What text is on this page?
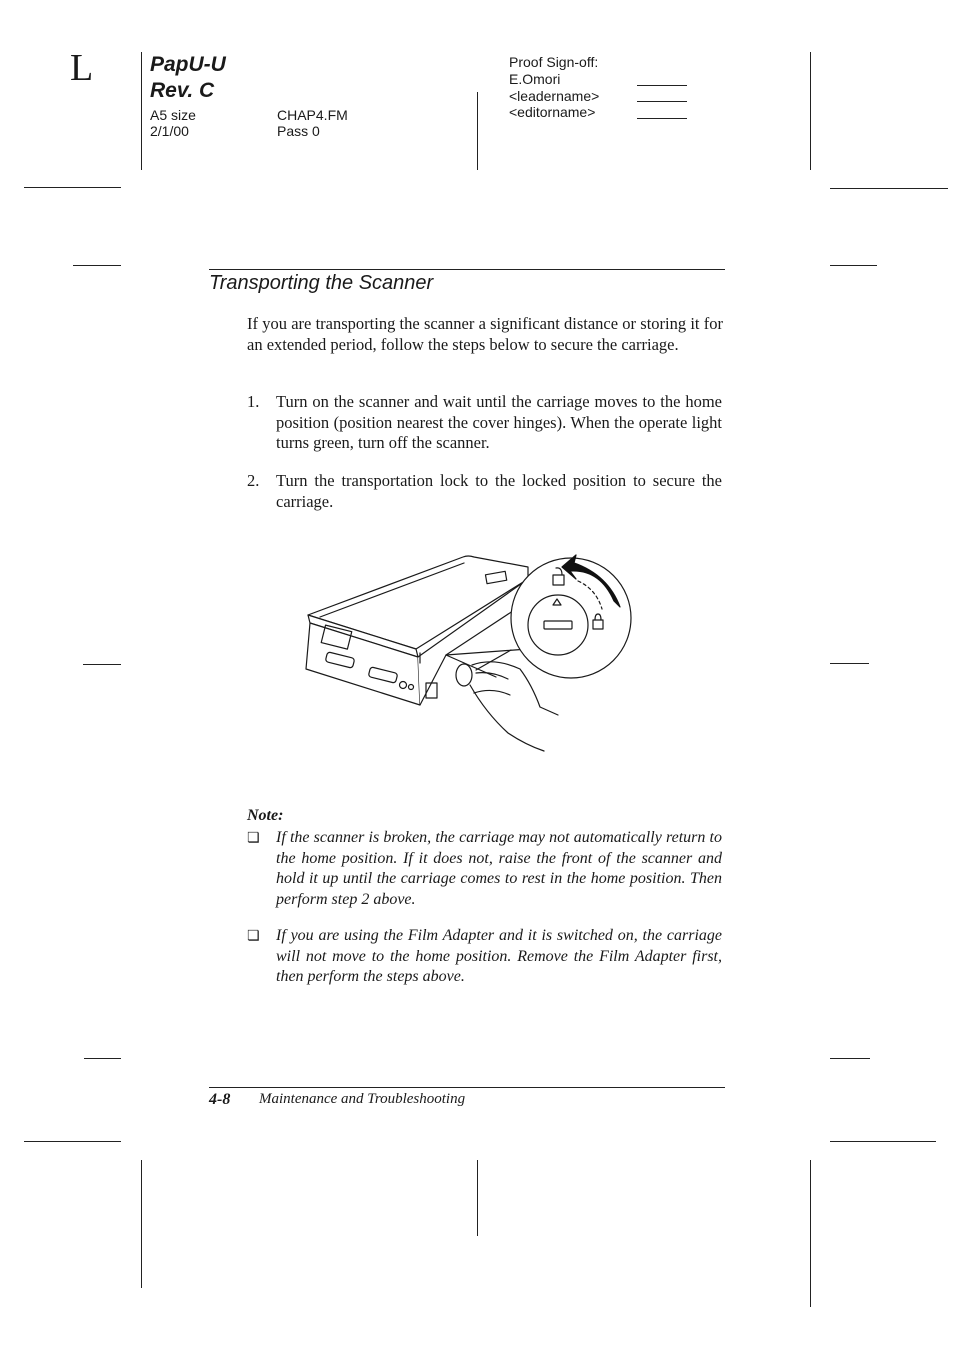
L	PapU-U
Rev. C
A5 size
2/1/00
CHAP4.FM
Pass 0
Proof Sign-off:
E.Omori
<leadername>
<editorname>
Transporting the Scanner
If you are transporting the scanner a significant distance or storing it for an extended period, follow the steps below to secure the carriage.
1. Turn on the scanner and wait until the carriage moves to the home position (position nearest the cover hinges). When the operate light turns green, turn off the scanner.
2. Turn the transportation lock to the locked position to secure the carriage.
Note:
❏ If the scanner is broken, the carriage may not automatically return to the home position. If it does not, raise the front of the scanner and hold it up until the carriage comes to rest in the home position. Then perform step 2 above.
❏ If you are using the Film Adapter and it is switched on, the carriage will not move to the home position. Remove the Film Adapter first, then perform the steps above.
4-8 Maintenance and Troubleshooting
